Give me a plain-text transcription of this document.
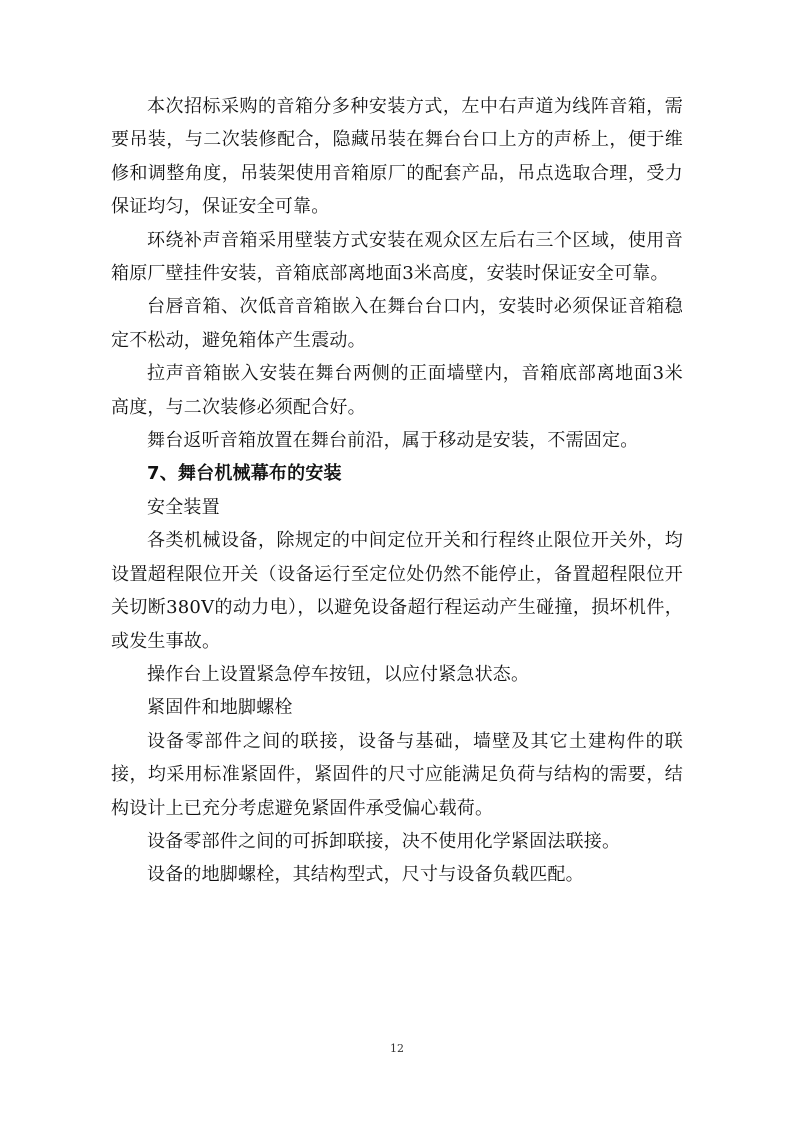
本次招标采购的音箱分多种安装方式，左中右声道为线阵音箱，需要吊装，与二次装修配合，隐藏吊装在舞台台口上方的声桥上，便于维修和调整角度，吊装架使用音箱原厂的配套产品，吊点选取合理，受力保证均匀，保证安全可靠。

环绕补声音箱采用壁装方式安装在观众区左后右三个区域，使用音箱原厂壁挂件安装，音箱底部离地面3米高度，安装时保证安全可靠。

台唇音箱、次低音音箱嵌入在舞台台口内，安装时必须保证音箱稳定不松动，避免箱体产生震动。

拉声音箱嵌入安装在舞台两侧的正面墙壁内，音箱底部离地面3米高度，与二次装修必须配合好。

舞台返听音箱放置在舞台前沿，属于移动是安装，不需固定。

7、舞台机械幕布的安装

安全装置

各类机械设备，除规定的中间定位开关和行程终止限位开关外，均设置超程限位开关（设备运行至定位处仍然不能停止，备置超程限位开关切断380V的动力电），以避免设备超行程运动产生碰撞，损坏机件，或发生事故。

操作台上设置紧急停车按钮，以应付紧急状态。

紧固件和地脚螺栓

设备零部件之间的联接，设备与基础，墙壁及其它土建构件的联接，均采用标准紧固件，紧固件的尺寸应能满足负荷与结构的需要，结构设计上已充分考虑避免紧固件承受偏心载荷。

设备零部件之间的可拆卸联接，决不使用化学紧固法联接。

设备的地脚螺栓，其结构型式，尺寸与设备负载匹配。

12
